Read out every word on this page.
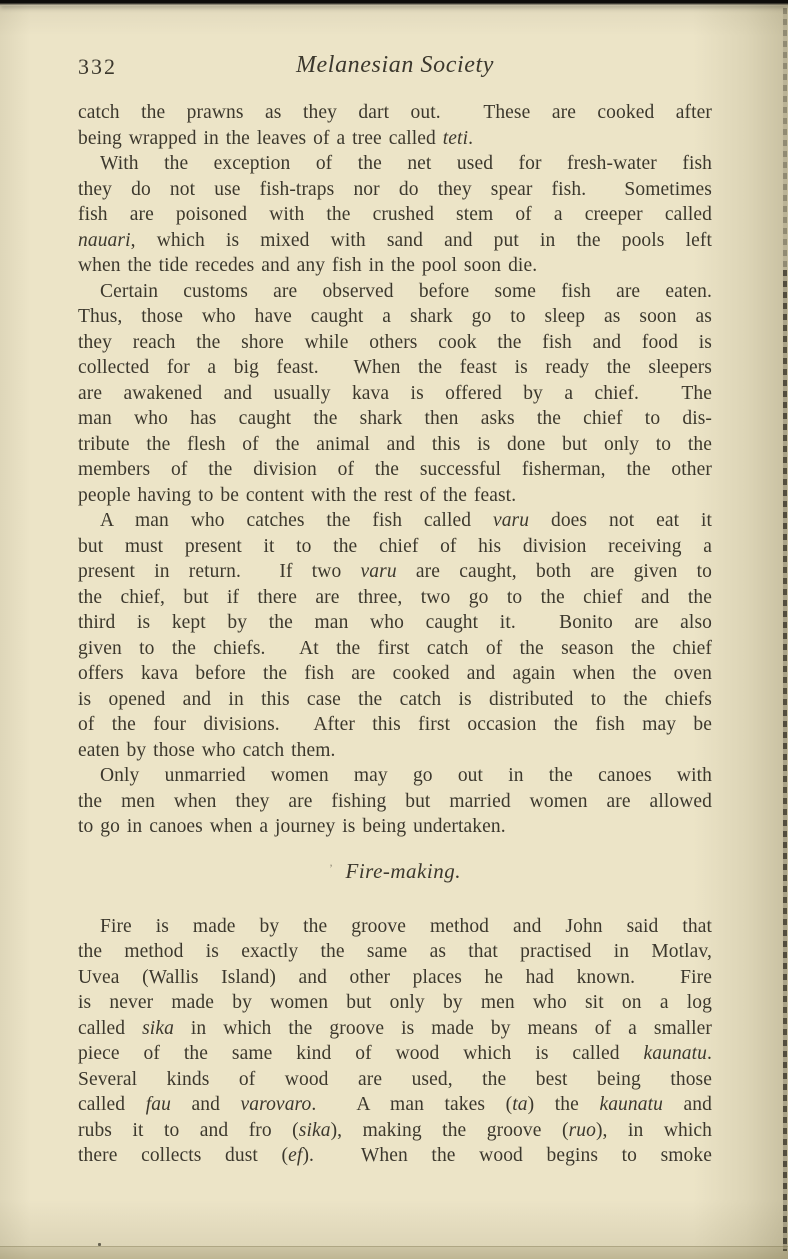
332	Melanesian Society
catch the prawns as they dart out.  These are cooked after
being wrapped in the leaves of a tree called teti.
With the exception of the net used for fresh-water fish
they do not use fish-traps nor do they spear fish.  Sometimes
fish are poisoned with the crushed stem of a creeper called
nauari, which is mixed with sand and put in the pools left
when the tide recedes and any fish in the pool soon die.
Certain customs are observed before some fish are eaten.
Thus, those who have caught a shark go to sleep as soon as
they reach the shore while others cook the fish and food is
collected for a big feast.  When the feast is ready the sleepers
are awakened and usually kava is offered by a chief.  The
man who has caught the shark then asks the chief to dis-
tribute the flesh of the animal and this is done but only to the
members of the division of the successful fisherman, the other
people having to be content with the rest of the feast.
A man who catches the fish called varu does not eat it
but must present it to the chief of his division receiving a
present in return.  If two varu are caught, both are given to
the chief, but if there are three, two go to the chief and the
third is kept by the man who caught it.  Bonito are also
given to the chiefs.  At the first catch of the season the chief
offers kava before the fish are cooked and again when the oven
is opened and in this case the catch is distributed to the chiefs
of the four divisions.  After this first occasion the fish may be
eaten by those who catch them.
Only unmarried women may go out in the canoes with
the men when they are fishing but married women are allowed
to go in canoes when a journey is being undertaken.
’ Fire-making.
Fire is made by the groove method and John said that
the method is exactly the same as that practised in Motlav,
Uvea (Wallis Island) and other places he had known.  Fire
is never made by women but only by men who sit on a log
called sika in which the groove is made by means of a smaller
piece of the same kind of wood which is called kaunatu.
Several kinds of wood are used, the best being those
called fau and varovaro.  A man takes (ta) the kaunatu and
rubs it to and fro (sika), making the groove (ruo), in which
there collects dust (ef).  When the wood begins to smoke
